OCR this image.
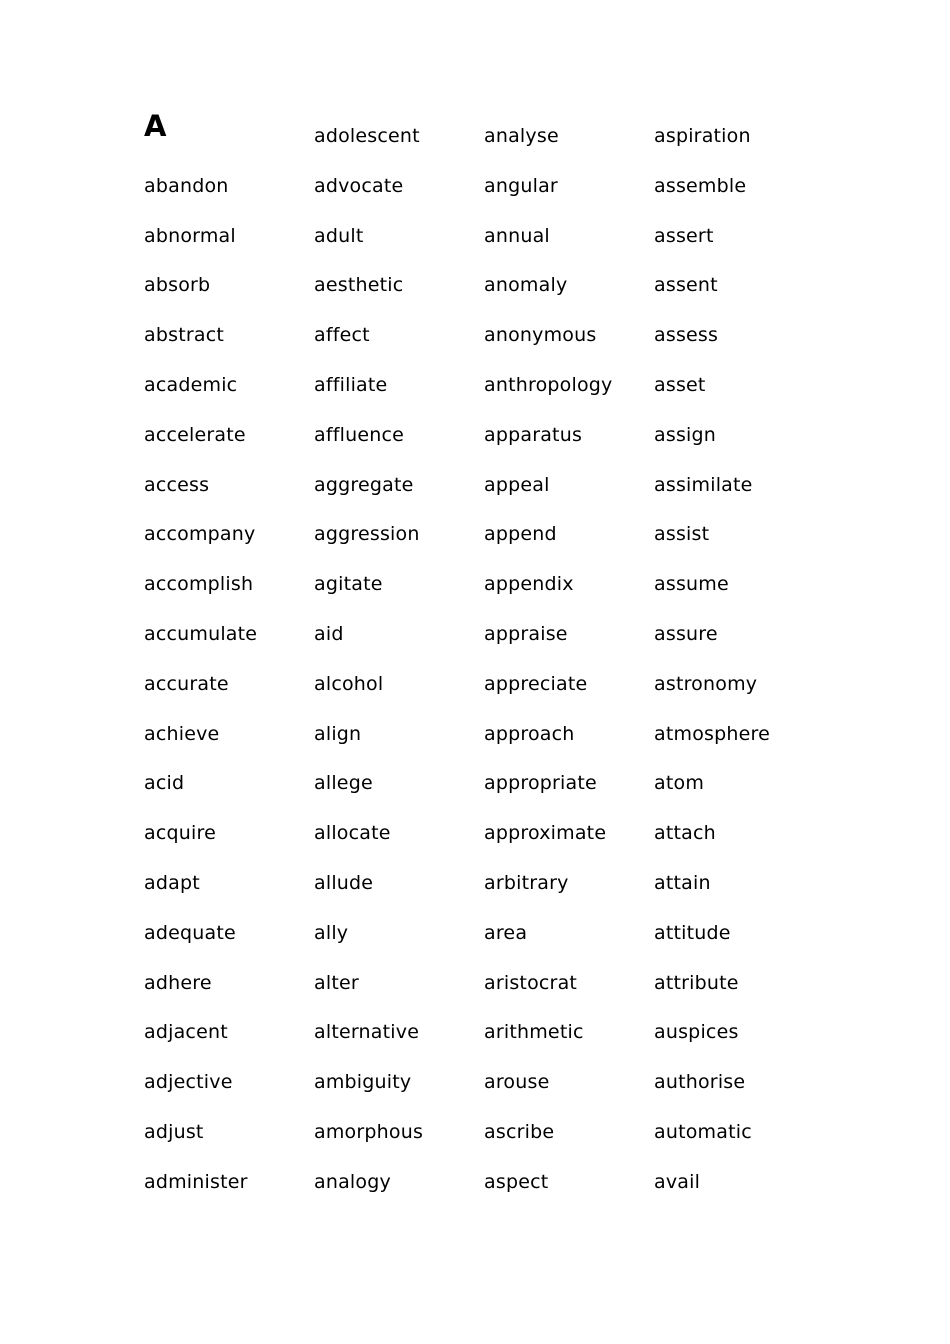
A
abandon
abnormal
absorb
abstract
academic
accelerate
access
accompany
accomplish
accumulate
accurate
achieve
acid
acquire
adapt
adequate
adhere
adjacent
adjective
adjust
administer
adolescent
advocate
adult
aesthetic
affect
affiliate
affluence
aggregate
aggression
agitate
aid
alcohol
align
allege
allocate
allude
ally
alter
alternative
ambiguity
amorphous
analogy
analyse
angular
annual
anomaly
anonymous
anthropology
apparatus
appeal
append
appendix
appraise
appreciate
approach
appropriate
approximate
arbitrary
area
aristocrat
arithmetic
arouse
ascribe
aspect
aspiration
assemble
assert
assent
assess
asset
assign
assimilate
assist
assume
assure
astronomy
atmosphere
atom
attach
attain
attitude
attribute
auspices
authorise
automatic
avail
